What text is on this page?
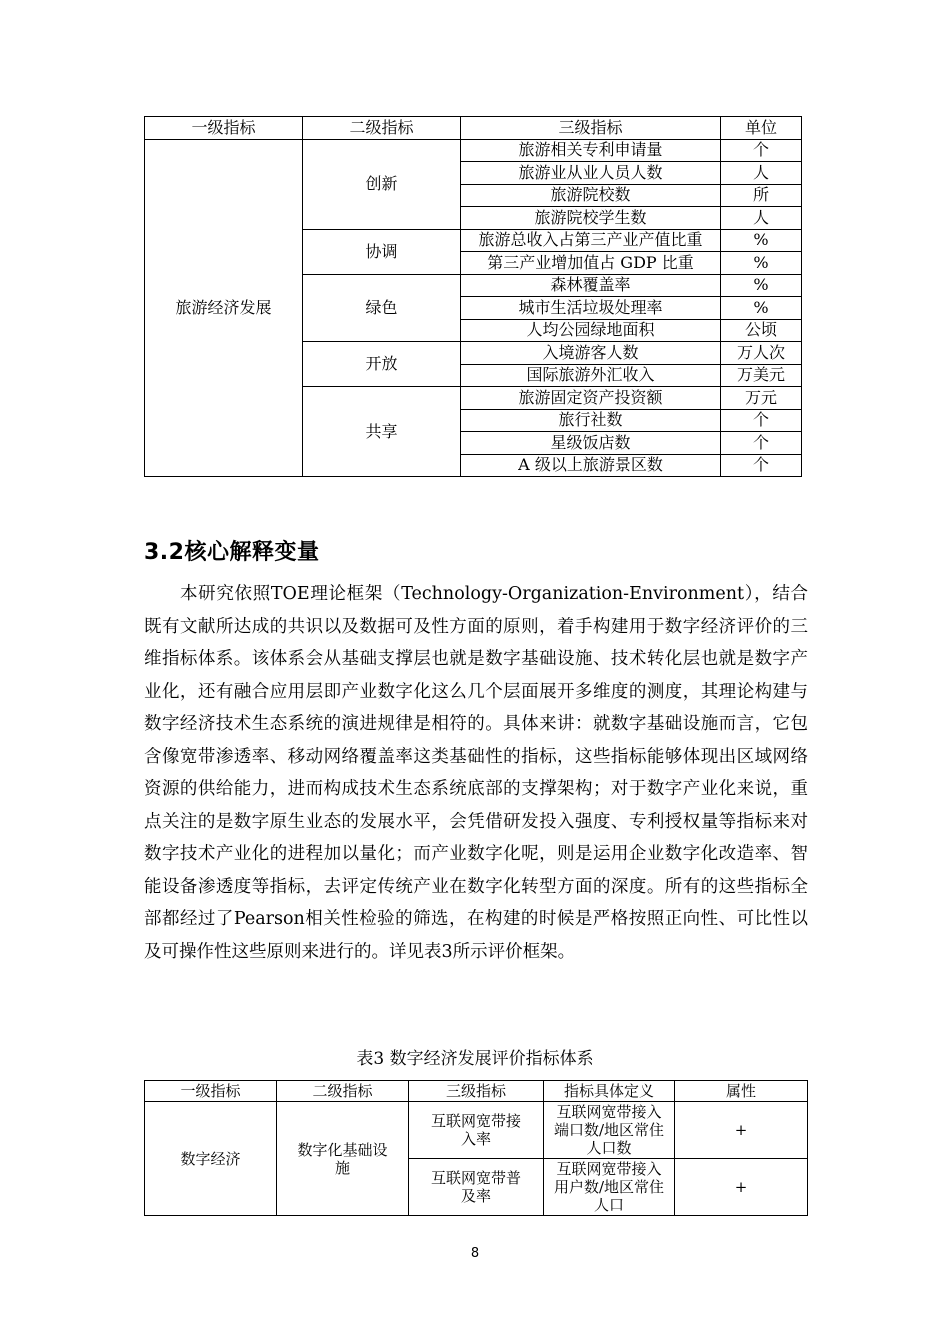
一级指标	二级指标	三级指标	单位
旅游经济发展	创新	旅游相关专利申请量	个
		旅游业从业人员人数	人
		旅游院校数	所
		旅游院校学生数	人
	协调	旅游总收入占第三产业产值比重	%
		第三产业增加值占 GDP 比重	%
	绿色	森林覆盖率	%
		城市生活垃圾处理率	%
		人均公园绿地面积	公顷
	开放	入境游客人数	万人次
		国际旅游外汇收入	万美元
	共享	旅游固定资产投资额	万元
		旅行社数	个
		星级饭店数	个
		A 级以上旅游景区数	个
3.2核心解释变量

本研究依照TOE理论框架（Technology-Organization-Environment），结合既有文献所达成的共识以及数据可及性方面的原则，着手构建用于数字经济评价的三维指标体系。该体系会从基础支撑层也就是数字基础设施、技术转化层也就是数字产业化，还有融合应用层即产业数字化这么几个层面展开多维度的测度，其理论构建与数字经济技术生态系统的演进规律是相符的。具体来讲：就数字基础设施而言，它包含像宽带渗透率、移动网络覆盖率这类基础性的指标，这些指标能够体现出区域网络资源的供给能力，进而构成技术生态系统底部的支撑架构；对于数字产业化来说，重点关注的是数字原生业态的发展水平，会凭借研发投入强度、专利授权量等指标来对数字技术产业化的进程加以量化；而产业数字化呢，则是运用企业数字化改造率、智能设备渗透度等指标，去评定传统产业在数字化转型方面的深度。所有的这些指标全部都经过了Pearson相关性检验的筛选，在构建的时候是严格按照正向性、可比性以及可操作性这些原则来进行的。详见表3所示评价框架。

表3 数字经济发展评价指标体系
一级指标	二级指标	三级指标	指标具体定义	属性
数字经济	数字化基础设施	互联网宽带接入率	互联网宽带接入端口数/地区常住人口数	+
		互联网宽带普及率	互联网宽带接入用户数/地区常住人口	+
8
